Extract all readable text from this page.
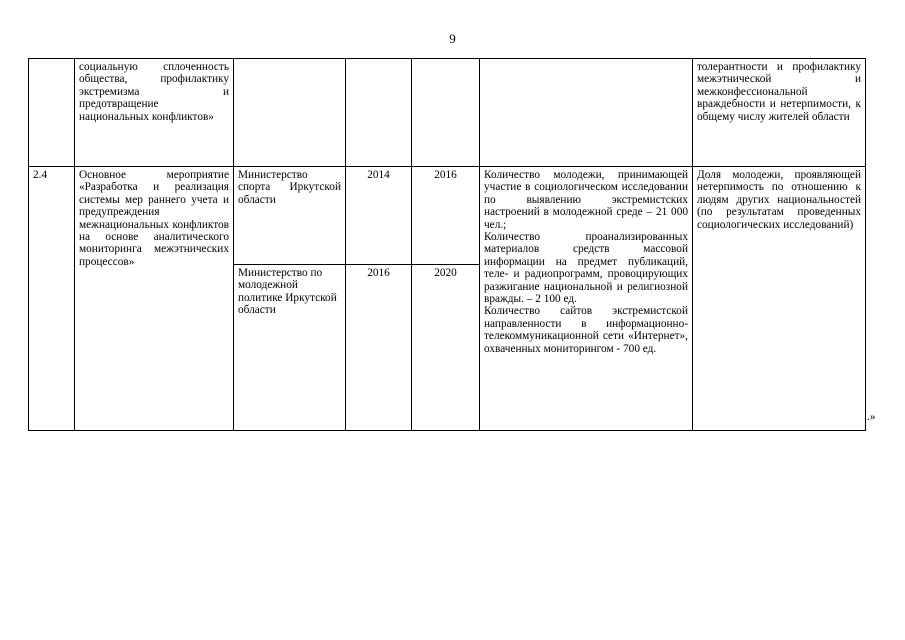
9
	социальную сплоченность общества, профилактику экстремизма и предотвращение национальных конфликтов»					толерантности и профилактику межэтнической и межконфессиональной враждебности и нетерпимости, к общему числу жителей области
2.4	Основное мероприятие «Разработка и реализация системы мер раннего учета и предупреждения межнациональных конфликтов на основе аналитического мониторинга межэтнических процессов»	Министерство спорта Иркутской области	2014	2016	Количество молодежи, принимающей участие в социологическом исследовании по выявлению экстремистских настроений в молодежной среде – 21 000 чел.;
Количество проанализированных материалов средств массовой информации на предмет публикаций, теле- и радиопрограмм, провоцирующих разжигание национальной и религиозной вражды. – 2 100 ед.
Количество сайтов экстремистской направленности в информационно-телекоммуникационной сети «Интернет», охваченных мониторингом - 700 ед.	Доля молодежи, проявляющей нетерпимость по отношению к людям других национальностей (по результатам проведенных социологических исследований)
		Министерство по молодежной политике Иркутской области	2016	2020		
.»
